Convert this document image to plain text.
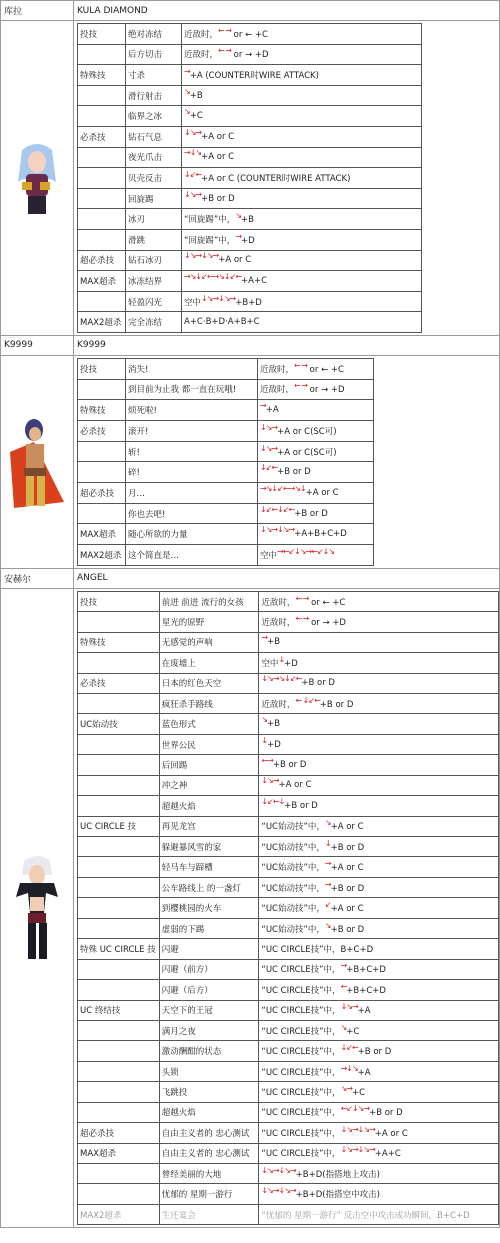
库拉	KULA DIAMOND

投技	绝对冻结	近敌时，← → or ← +C
	后方切击	近敌时，← → or → +D
特殊技	寸杀	→+A (COUNTER时WIRE ATTACK)
	滑行射击	↘+B
	临界之冰	↘+C
必杀技	钻石气息	↓↘→+A or C
	夜光爪击	→↓↘+A or C
	贝壳反击	↓↙←+A or C (COUNTER时WIRE ATTACK)
	回旋踢	↓↘→+B or D
	冰刃	“回旋踢”中，↘+B
	滑跳	“回旋踢”中，→+D
超必杀技	钻石冰刃	↓↘→↓↘→+A or C
MAX超杀	冰冻结界	→↘↓↙←→↘↓↙←+A+C
	轻盈闪光	空中↓↘→↓↘→+B+D
MAX2超杀	完全冻结	A+C·B+D·A+B+C

K9999	K9999

投技	消失!	近敌时，← → or ← +C
	到目前为止我 都一直在玩哦!	近敌时，← → or → +D
特殊技	烦死啦!	→+A
必杀技	滚开!	↓↘→+A or C(SC可)
	斩!	↓↘→+A or C(SC可)
	碎!	↓↙←+B or D
超必杀技	月…	→↘↓↙←→↘↓+A or C
	你也去吧!	↓↙←↓↙←+B or D
MAX超杀	随心所欲的力量	↓↘→↓↘→+A+B+C+D
MAX2超杀	这个简直是…	空中→←↙↓↘→←↙↓↘

安赫尔	ANGEL

投技	前进 前进 流行的女孩	近敌时，← → or ← +C
	星光的原野	近敌时，← → or → +D
特殊技	无感觉的声响	→+B
	在废墟上	空中↓+D
必杀技	日本的红色天空	↓↘→↘↓↙←+B or D
	疯狂杀手路线	近敌时，← ↓↙←+B or D
UC始动技	蓝色形式	↘+B
	世界公民	↓+D
	后回踢	←→+B or D
	冲之神	↓↘→+A or C
	超越火焰	↓↙←↓+B or D
UC CIRCLE 技	再见龙宫	“UC始动技”中，↘+A or C
	躲避暴风雪的家	“UC始动技”中，↓+B or D
	轻马车与蹄槽	“UC始动技”中，→+A or C
	公车路线上 的一盏灯	“UC始动技”中，→+B or D
	到樱桃园的火车	“UC始动技”中，↙+A or C
	虚弱的下踢	“UC始动技”中，↘+B or D
特殊 UC CIRCLE 技	闪避	“UC CIRCLE技”中，B+C+D
	闪避（前方）	“UC CIRCLE技”中，→+B+C+D
	闪避（后方）	“UC CIRCLE技”中，←+B+C+D
UC 终结技	天空下的王冠	“UC CIRCLE技”中，↓↘→+A
	满月之夜	“UC CIRCLE技”中，↘+C
	激动酬酣的状态	“UC CIRCLE技”中，↓↙←+B or D
	头锁	“UC CIRCLE技”中，→↓↘+A
	飞跳投	“UC CIRCLE技”中，↘→+C
	超越火焰	“UC CIRCLE技”中，←↙↓↘→+B or D
超必杀技	自由主义者的 忠心测试	“UC CIRCLE技”中，↓↘→↓↘→+A or C
MAX超杀	自由主义者的 忠心测试	“UC CIRCLE技”中，↓↘→↓↘→+A+C
	曾经美丽的大地	↓↘→↓↘→+B+D(指搭地上攻击)
	忧郁的 星期一游行	↓↘→↓↘→+B+D(指搭空中攻击)
MAX2超杀	生还宴会	“忧郁的 星期一游行” 反击空中攻击成功瞬间，B+C+D
